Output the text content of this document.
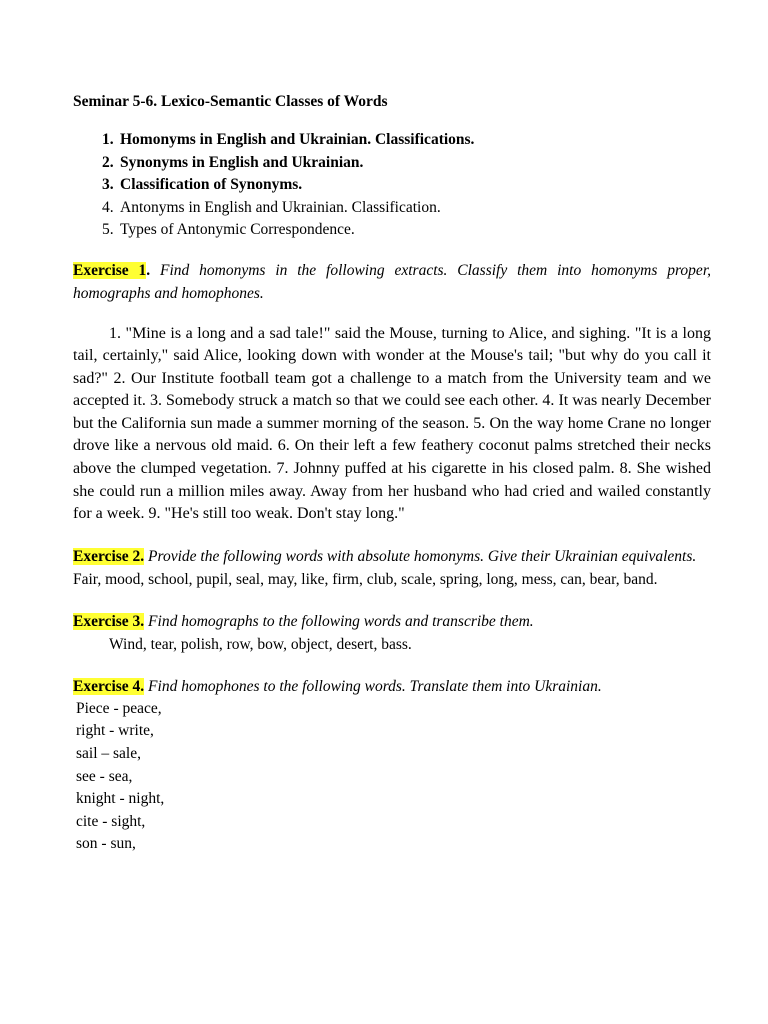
Seminar 5-6. Lexico-Semantic Classes of Words
1. Homonyms in English and Ukrainian. Classifications.
2. Synonyms in English and Ukrainian.
3. Classification of Synonyms.
4. Antonyms in English and Ukrainian. Classification.
5. Types of Antonymic Correspondence.
Exercise 1. Find homonyms in the following extracts. Classify them into homonyms proper, homographs and homophones.
1. "Mine is a long and a sad tale!" said the Mouse, turning to Alice, and sighing. "It is a long tail, certainly," said Alice, looking down with wonder at the Mouse's tail; "but why do you call it sad?" 2. Our Institute football team got a challenge to a match from the University team and we accepted it. 3. Somebody struck a match so that we could see each other. 4. It was nearly December but the California sun made a summer morning of the season. 5. On the way home Crane no longer drove like a nervous old maid. 6. On their left a few feathery coconut palms stretched their necks above the clumped vegetation. 7. Johnny puffed at his cigarette in his closed palm. 8. She wished she could run a million miles away. Away from her husband who had cried and wailed constantly for a week. 9. "He's still too weak. Don't stay long."
Exercise 2. Provide the following words with absolute homonyms. Give their Ukrainian equivalents.
Fair, mood, school, pupil, seal, may, like, firm, club, scale, spring, long, mess, can, bear, band.
Exercise 3. Find homographs to the following words and transcribe them.
Wind, tear, polish, row, bow, object, desert, bass.
Exercise 4. Find homophones to the following words. Translate them into Ukrainian.
Piece - peace,
right - write,
sail – sale,
see - sea,
knight - night,
cite - sight,
son - sun,
